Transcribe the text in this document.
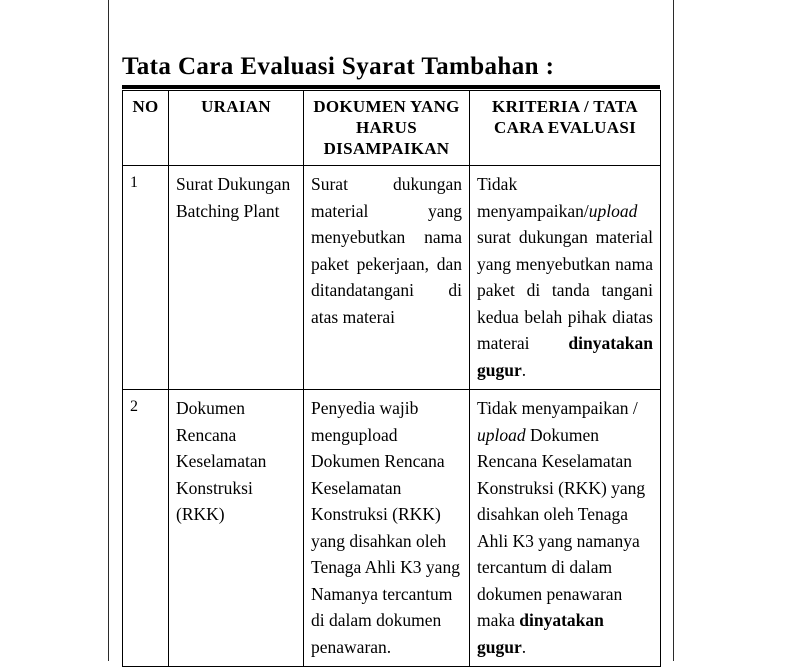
Tata Cara Evaluasi Syarat Tambahan :
NO	URAIAN	DOKUMEN YANG HARUS DISAMPAIKAN	KRITERIA / TATA CARA EVALUASI
1	Surat Dukungan Batching Plant	Surat dukungan material yang menyebutkan nama paket pekerjaan, dan ditandatangani di atas materai	Tidak menyampaikan/upload surat dukungan material yang menyebutkan nama paket di tanda tangani kedua belah pihak diatas materai dinyatakan gugur.
2	Dokumen Rencana Keselamatan Konstruksi (RKK)	Penyedia wajib mengupload Dokumen Rencana Keselamatan Konstruksi (RKK) yang disahkan oleh Tenaga Ahli K3 yang Namanya tercantum di dalam dokumen penawaran.	Tidak menyampaikan / upload Dokumen Rencana Keselamatan Konstruksi (RKK) yang disahkan oleh Tenaga Ahli K3 yang namanya tercantum di dalam dokumen penawaran maka dinyatakan gugur.
